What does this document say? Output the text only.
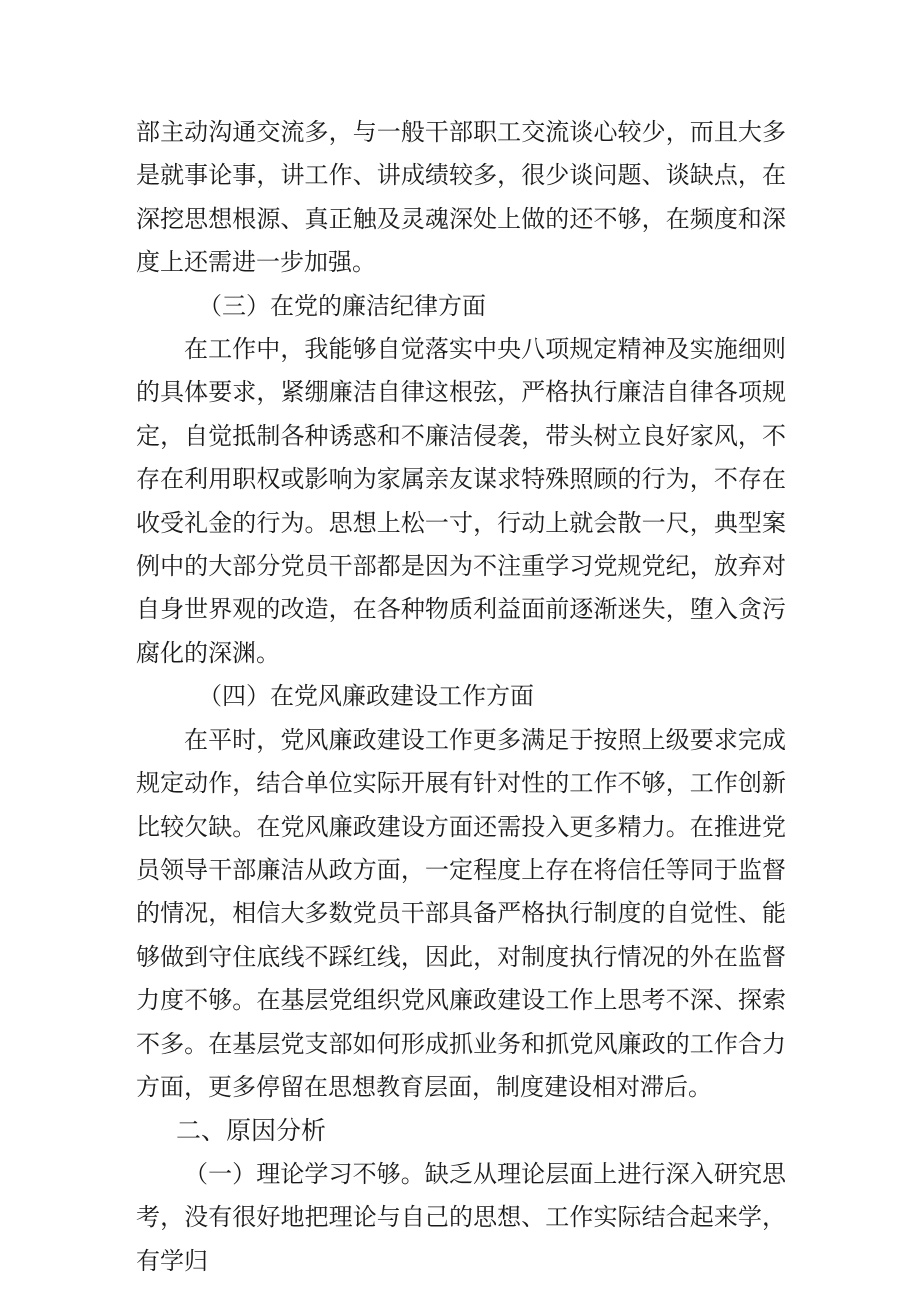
部主动沟通交流多，与一般干部职工交流谈心较少，而且大多是就事论事，讲工作、讲成绩较多，很少谈问题、谈缺点，在深挖思想根源、真正触及灵魂深处上做的还不够，在频度和深度上还需进一步加强。

（三）在党的廉洁纪律方面

在工作中，我能够自觉落实中央八项规定精神及实施细则的具体要求，紧绷廉洁自律这根弦，严格执行廉洁自律各项规定，自觉抵制各种诱惑和不廉洁侵袭，带头树立良好家风，不存在利用职权或影响为家属亲友谋求特殊照顾的行为，不存在收受礼金的行为。思想上松一寸，行动上就会散一尺，典型案例中的大部分党员干部都是因为不注重学习党规党纪，放弃对自身世界观的改造，在各种物质利益面前逐渐迷失，堕入贪污腐化的深渊。

（四）在党风廉政建设工作方面

在平时，党风廉政建设工作更多满足于按照上级要求完成规定动作，结合单位实际开展有针对性的工作不够，工作创新比较欠缺。在党风廉政建设方面还需投入更多精力。在推进党员领导干部廉洁从政方面，一定程度上存在将信任等同于监督的情况，相信大多数党员干部具备严格执行制度的自觉性、能够做到守住底线不踩红线，因此，对制度执行情况的外在监督力度不够。在基层党组织党风廉政建设工作上思考不深、探索不多。在基层党支部如何形成抓业务和抓党风廉政的工作合力方面，更多停留在思想教育层面，制度建设相对滞后。

二、原因分析

（一）理论学习不够。缺乏从理论层面上进行深入研究思考，没有很好地把理论与自己的思想、工作实际结合起来学，有学归
